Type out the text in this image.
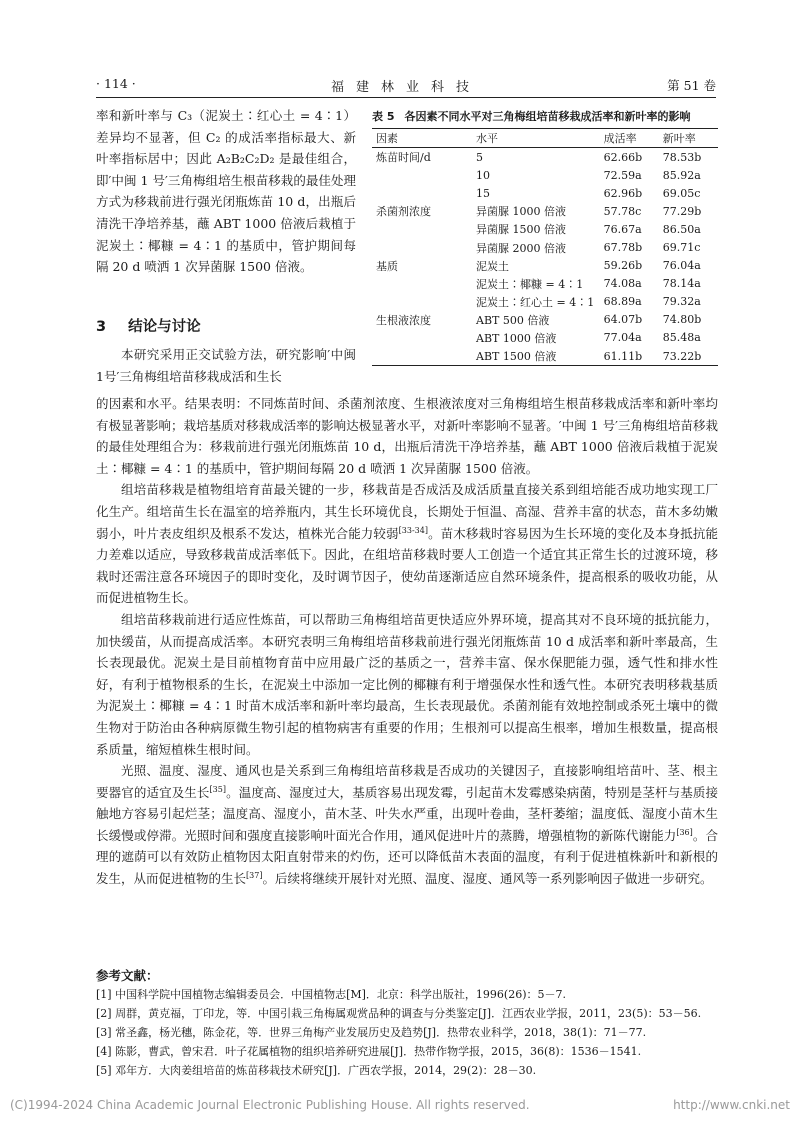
· 114 ·	福建林业科技	第 51 卷

率和新叶率与 C₃（泥炭土∶红心土 = 4∶1）差异均不显著，但 C₂ 的成活率指标最大、新叶率指标居中；因此 A₂B₂C₂D₂ 是最佳组合，即′中闽 1 号′三角梅组培生根苗移栽的最佳处理方式为移栽前进行强光闭瓶炼苗 10 d，出瓶后清洗干净培养基，蘸 ABT 1000 倍液后栽植于泥炭土∶椰糠 = 4∶1 的基质中，管护期间每隔 20 d 喷洒 1 次异菌脲 1500 倍液。

3 结论与讨论

本研究采用正交试验方法，研究影响′中闽1号′三角梅组培苗移栽成活和生长

表 5 各因素不同水平对三角梅组培苗移栽成活率和新叶率的影响
因素	水平	成活率	新叶率
炼苗时间/d	5	62.66b	78.53b
	10	72.59a	85.92a
	15	62.96b	69.05c
杀菌剂浓度	异菌脲 1000 倍液	57.78c	77.29b
	异菌脲 1500 倍液	76.67a	86.50a
	异菌脲 2000 倍液	67.78b	69.71c
基质	泥炭土	59.26b	76.04a
	泥炭土∶椰糠 = 4∶1	74.08a	78.14a
	泥炭土∶红心土 = 4∶1	68.89a	79.32a
生根液浓度	ABT 500 倍液	64.07b	74.80b
	ABT 1000 倍液	77.04a	85.48a
	ABT 1500 倍液	61.11b	73.22b

的因素和水平。结果表明：不同炼苗时间、杀菌剂浓度、生根液浓度对三角梅组培生根苗移栽成活率和新叶率均有极显著影响；栽培基质对移栽成活率的影响达极显著水平，对新叶率影响不显著。′中闽 1 号′三角梅组培苗移栽的最佳处理组合为：移栽前进行强光闭瓶炼苗 10 d，出瓶后清洗干净培养基，蘸 ABT 1000 倍液后栽植于泥炭土∶椰糠 = 4∶1 的基质中，管护期间每隔 20 d 喷洒 1 次异菌脲 1500 倍液。

组培苗移栽是植物组培育苗最关键的一步，移栽苗是否成活及成活质量直接关系到组培能否成功地实现工厂化生产。组培苗生长在温室的培养瓶内，其生长环境优良，长期处于恒温、高湿、营养丰富的状态，苗木多幼嫩弱小，叶片表皮组织及根系不发达，植株光合能力较弱[33-34]。苗木移栽时容易因为生长环境的变化及本身抵抗能力差难以适应，导致移栽苗成活率低下。因此，在组培苗移栽时要人工创造一个适宜其正常生长的过渡环境，移栽时还需注意各环境因子的即时变化，及时调节因子，使幼苗逐渐适应自然环境条件，提高根系的吸收功能，从而促进植物生长。

组培苗移栽前进行适应性炼苗，可以帮助三角梅组培苗更快适应外界环境，提高其对不良环境的抵抗能力，加快缓苗，从而提高成活率。本研究表明三角梅组培苗移栽前进行强光闭瓶炼苗 10 d 成活率和新叶率最高，生长表现最优。泥炭土是目前植物育苗中应用最广泛的基质之一，营养丰富、保水保肥能力强，透气性和排水性好，有利于植物根系的生长，在泥炭土中添加一定比例的椰糠有利于增强保水性和透气性。本研究表明移栽基质为泥炭土∶椰糠 = 4∶1 时苗木成活率和新叶率均最高，生长表现最优。杀菌剂能有效地控制或杀死土壤中的微生物对于防治由各种病原微生物引起的植物病害有重要的作用；生根剂可以提高生根率，增加生根数量，提高根系质量，缩短植株生根时间。

光照、温度、湿度、通风也是关系到三角梅组培苗移栽是否成功的关键因子，直接影响组培苗叶、茎、根主要器官的适宜及生长[35]。温度高、湿度过大，基质容易出现发霉，引起苗木发霉感染病菌，特别是茎杆与基质接触地方容易引起烂茎；温度高、湿度小，苗木茎、叶失水严重，出现叶卷曲，茎杆萎缩；温度低、湿度小苗木生长缓慢或停滞。光照时间和强度直接影响叶面光合作用，通风促进叶片的蒸腾，增强植物的新陈代谢能力[36]。合理的遮荫可以有效防止植物因太阳直射带来的灼伤，还可以降低苗木表面的温度，有利于促进植株新叶和新根的发生，从而促进植物的生长[37]。后续将继续开展针对光照、温度、湿度、通风等一系列影响因子做进一步研究。

参考文献：
[1] 中国科学院中国植物志编辑委员会．中国植物志[M]．北京：科学出版社，1996(26)：5－7.
[2] 周群，黄克福，丁印龙，等．中国引栽三角梅属观赏品种的调查与分类鉴定[J]．江西农业学报，2011，23(5)：53－56.
[3] 常圣鑫，杨光穗，陈金花，等．世界三角梅产业发展历史及趋势[J]．热带农业科学，2018，38(1)：71－77.
[4] 陈影，曹武，曾宋君．叶子花属植物的组织培养研究进展[J]．热带作物学报，2015，36(8)：1536－1541.
[5] 邓年方．大肉姜组培苗的炼苗移栽技术研究[J]．广西农学报，2014，29(2)：28－30.
(C)1994-2024 China Academic Journal Electronic Publishing House. All rights reserved.	http://www.cnki.net
